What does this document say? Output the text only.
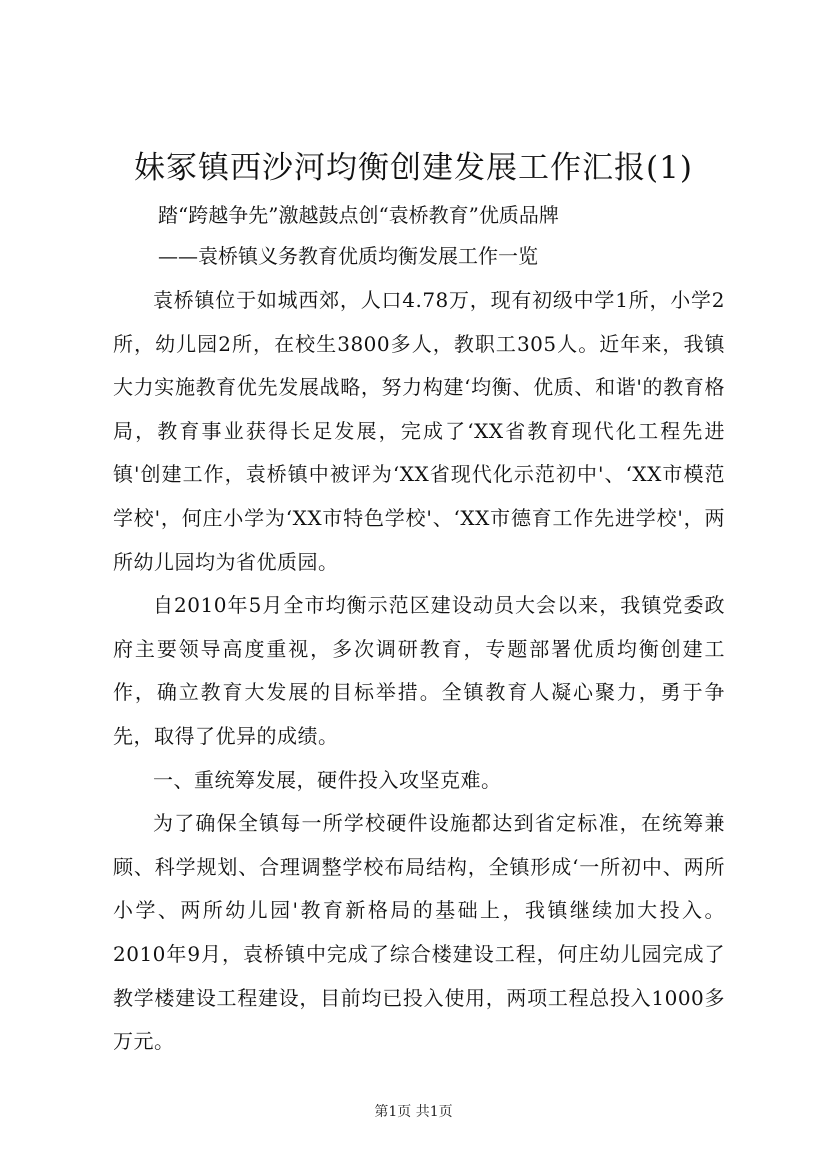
妹冢镇西沙河均衡创建发展工作汇报(1)
踏“跨越争先”激越鼓点创“袁桥教育”优质品牌
——袁桥镇义务教育优质均衡发展工作一览

袁桥镇位于如城西郊，人口4.78万，现有初级中学1所，小学2所，幼儿园2所，在校生3800多人，教职工305人。近年来，我镇大力实施教育优先发展战略，努力构建‘均衡、优质、和谐'的教育格局，教育事业获得长足发展，完成了‘XX省教育现代化工程先进镇'创建工作，袁桥镇中被评为‘XX省现代化示范初中'、‘XX市模范学校'，何庄小学为‘XX市特色学校'、‘XX市德育工作先进学校'，两所幼儿园均为省优质园。

自2010年5月全市均衡示范区建设动员大会以来，我镇党委政府主要领导高度重视，多次调研教育，专题部署优质均衡创建工作，确立教育大发展的目标举措。全镇教育人凝心聚力，勇于争先，取得了优异的成绩。

一、重统筹发展，硬件投入攻坚克难。

为了确保全镇每一所学校硬件设施都达到省定标准，在统筹兼顾、科学规划、合理调整学校布局结构，全镇形成‘一所初中、两所小学、两所幼儿园'教育新格局的基础上，我镇继续加大投入。2010年9月，袁桥镇中完成了综合楼建设工程，何庄幼儿园完成了教学楼建设工程建设，目前均已投入使用，两项工程总投入1000多万元。

第1页 共1页
